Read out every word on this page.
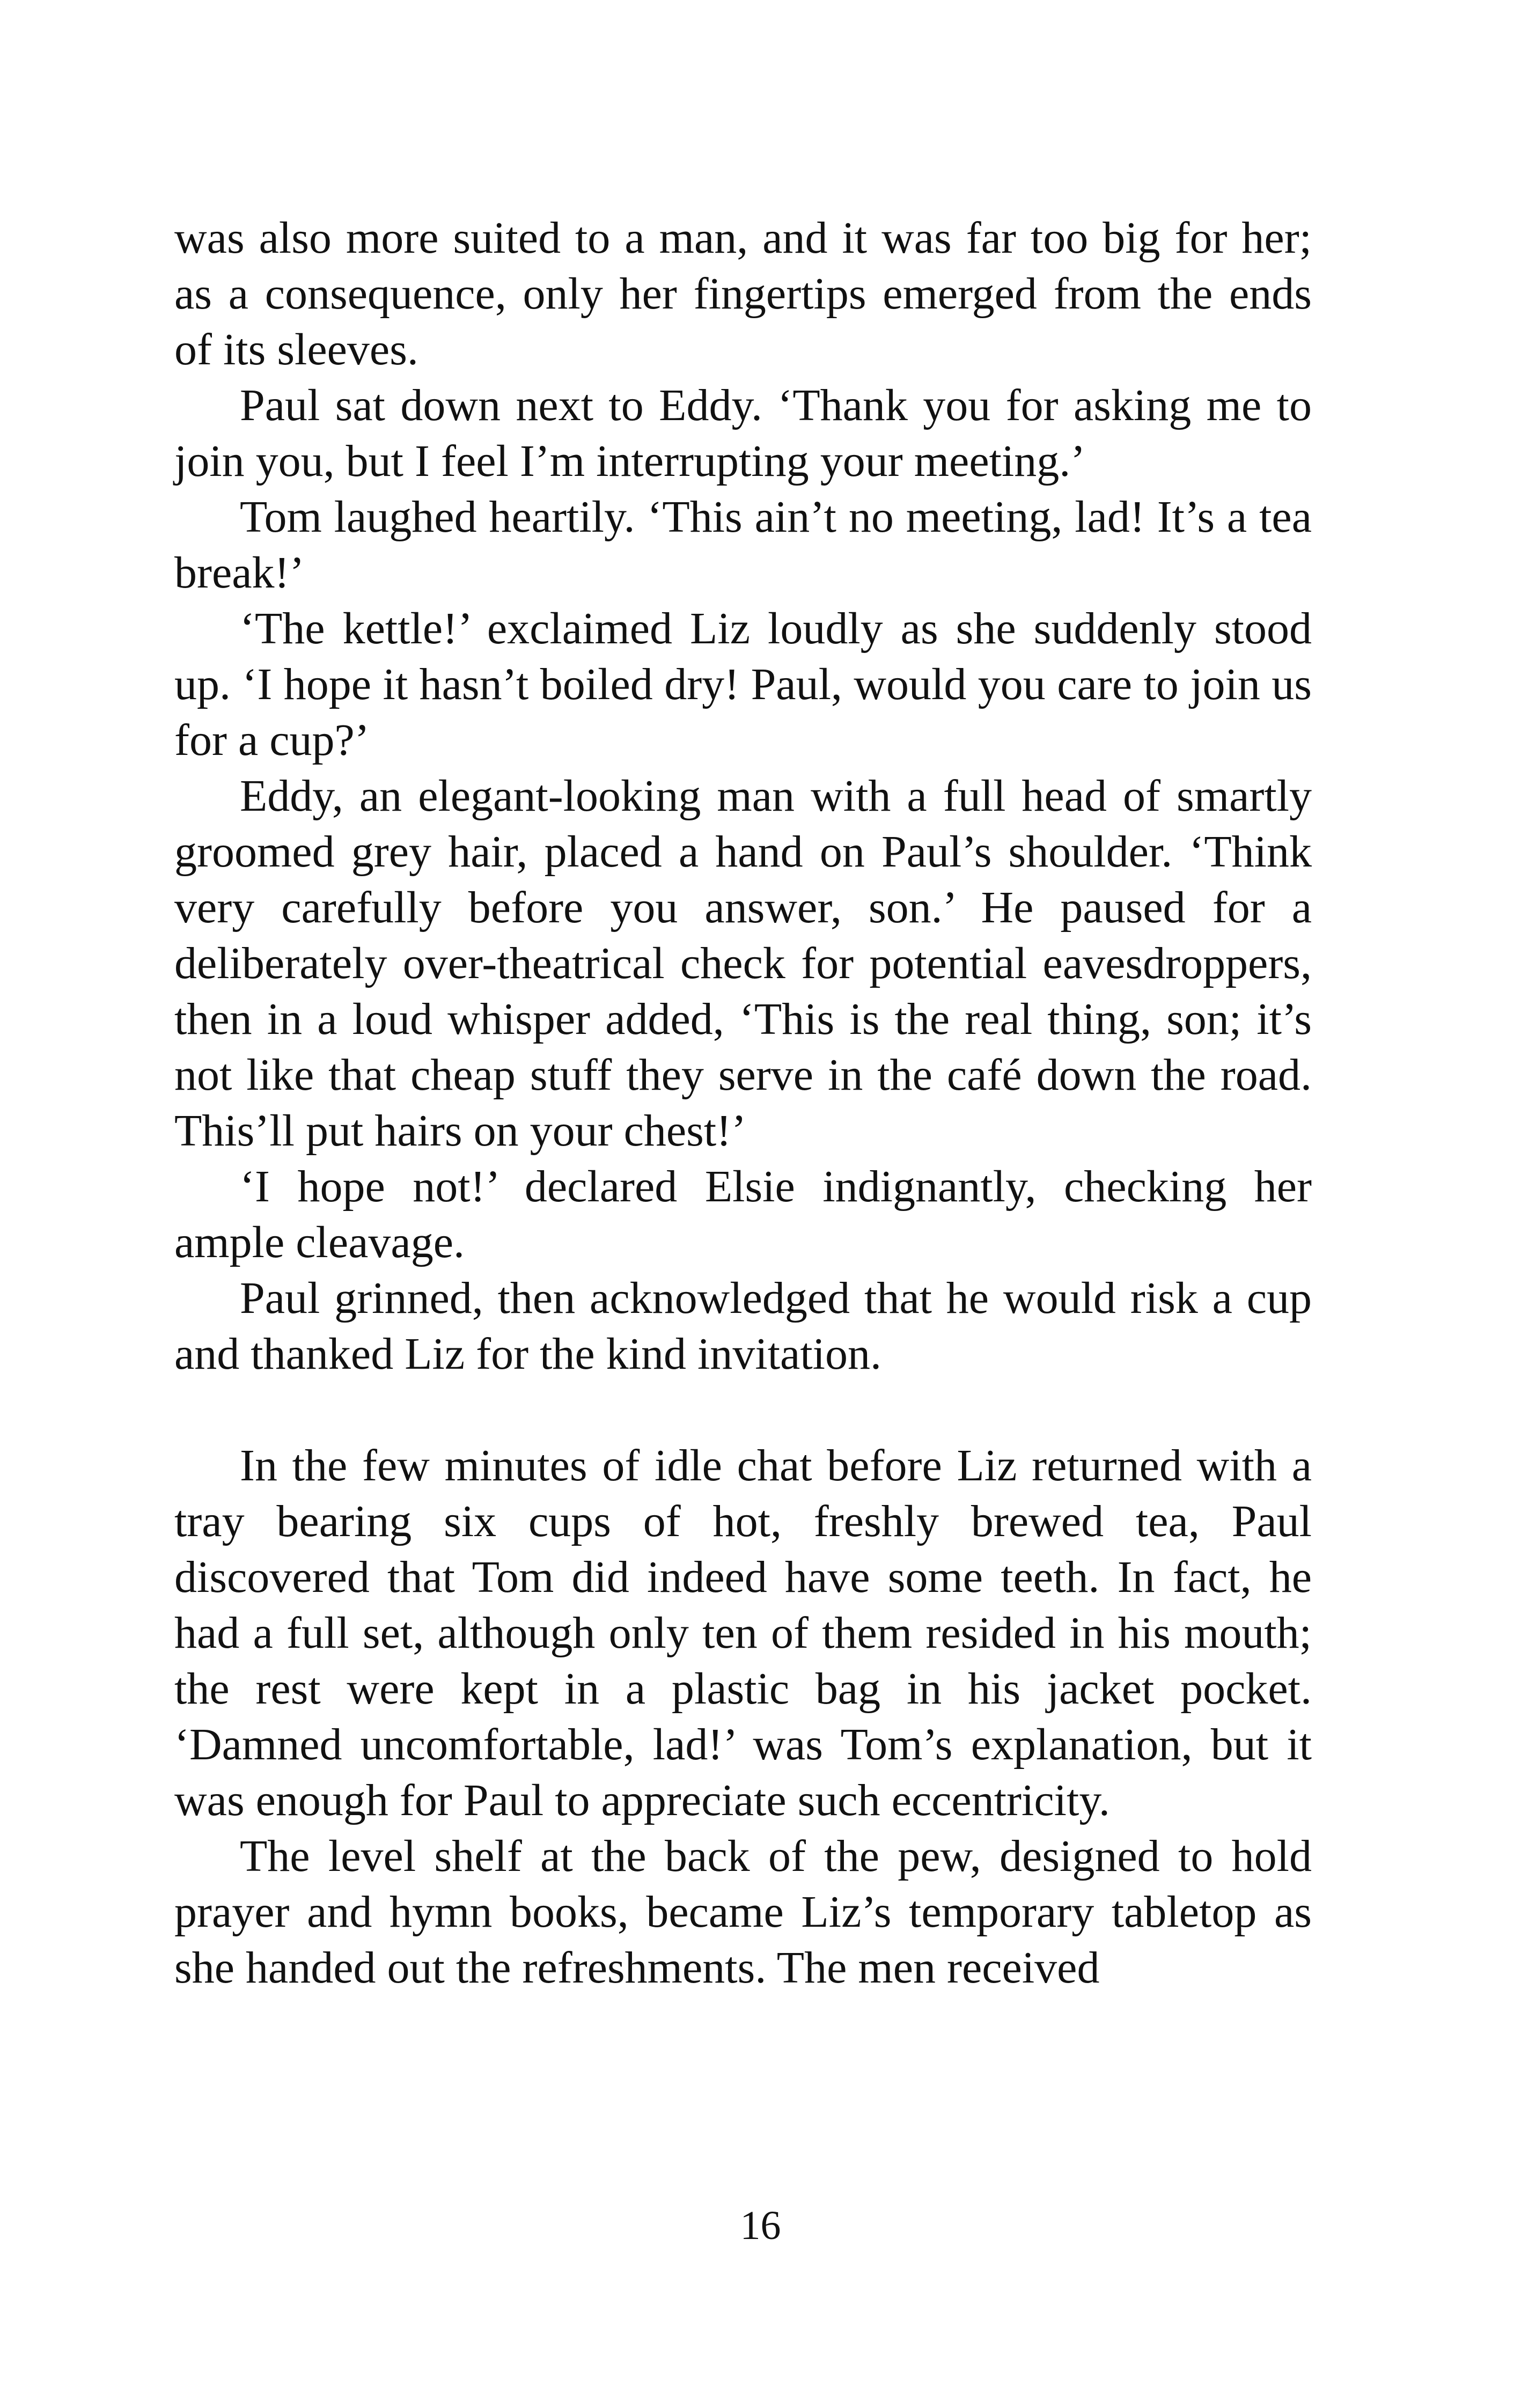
was also more suited to a man, and it was far too big for her; as a consequence, only her fingertips emerged from the ends of its sleeves.

Paul sat down next to Eddy. ‘Thank you for asking me to join you, but I feel I’m interrupting your meeting.’

Tom laughed heartily. ‘This ain’t no meeting, lad! It’s a tea break!’

‘The kettle!’ exclaimed Liz loudly as she suddenly stood up. ‘I hope it hasn’t boiled dry! Paul, would you care to join us for a cup?’

Eddy, an elegant-looking man with a full head of smartly groomed grey hair, placed a hand on Paul’s shoulder. ‘Think very carefully before you answer, son.’ He paused for a deliberately over-theatrical check for potential eavesdroppers, then in a loud whisper added, ‘This is the real thing, son; it’s not like that cheap stuff they serve in the café down the road. This’ll put hairs on your chest!’

‘I hope not!’ declared Elsie indignantly, checking her ample cleavage.

Paul grinned, then acknowledged that he would risk a cup and thanked Liz for the kind invitation.

In the few minutes of idle chat before Liz returned with a tray bearing six cups of hot, freshly brewed tea, Paul discovered that Tom did indeed have some teeth. In fact, he had a full set, although only ten of them resided in his mouth; the rest were kept in a plastic bag in his jacket pocket. ‘Damned uncomfortable, lad!’ was Tom’s explanation, but it was enough for Paul to appreciate such eccentricity.

The level shelf at the back of the pew, designed to hold prayer and hymn books, became Liz’s temporary tabletop as she handed out the refreshments. The men received

16
